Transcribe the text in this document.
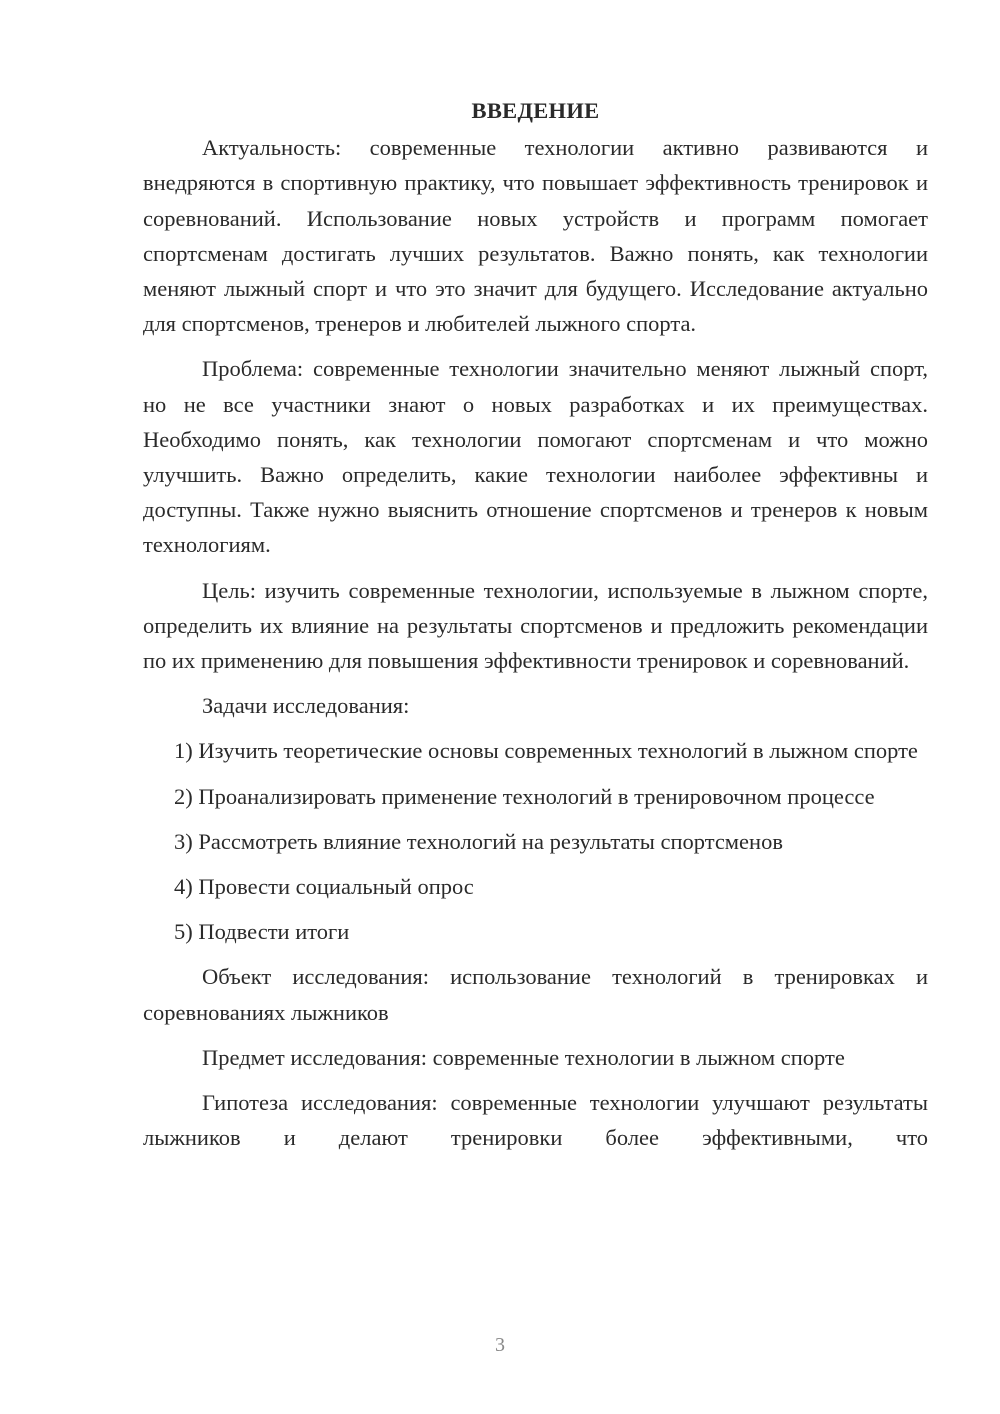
ВВЕДЕНИЕ

Актуальность: современные технологии активно развиваются и внедряются в спортивную практику, что повышает эффективность тренировок и соревнований. Использование новых устройств и программ помогает спортсменам достигать лучших результатов. Важно понять, как технологии меняют лыжный спорт и что это значит для будущего. Исследование актуально для спортсменов, тренеров и любителей лыжного спорта.

Проблема: современные технологии значительно меняют лыжный спорт, но не все участники знают о новых разработках и их преимуществах. Необходимо понять, как технологии помогают спортсменам и что можно улучшить. Важно определить, какие технологии наиболее эффективны и доступны. Также нужно выяснить отношение спортсменов и тренеров к новым технологиям.

Цель: изучить современные технологии, используемые в лыжном спорте, определить их влияние на результаты спортсменов и предложить рекомендации по их применению для повышения эффективности тренировок и соревнований.

Задачи исследования:

1) Изучить теоретические основы современных технологий в лыжном спорте

2) Проанализировать применение технологий в тренировочном процессе

3) Рассмотреть влияние технологий на результаты спортсменов

4) Провести социальный опрос

5) Подвести итоги

Объект исследования: использование технологий в тренировках и соревнованиях лыжников

Предмет исследования: современные технологии в лыжном спорте

Гипотеза исследования: современные технологии улучшают результаты лыжников и делают тренировки более эффективными, что

3
